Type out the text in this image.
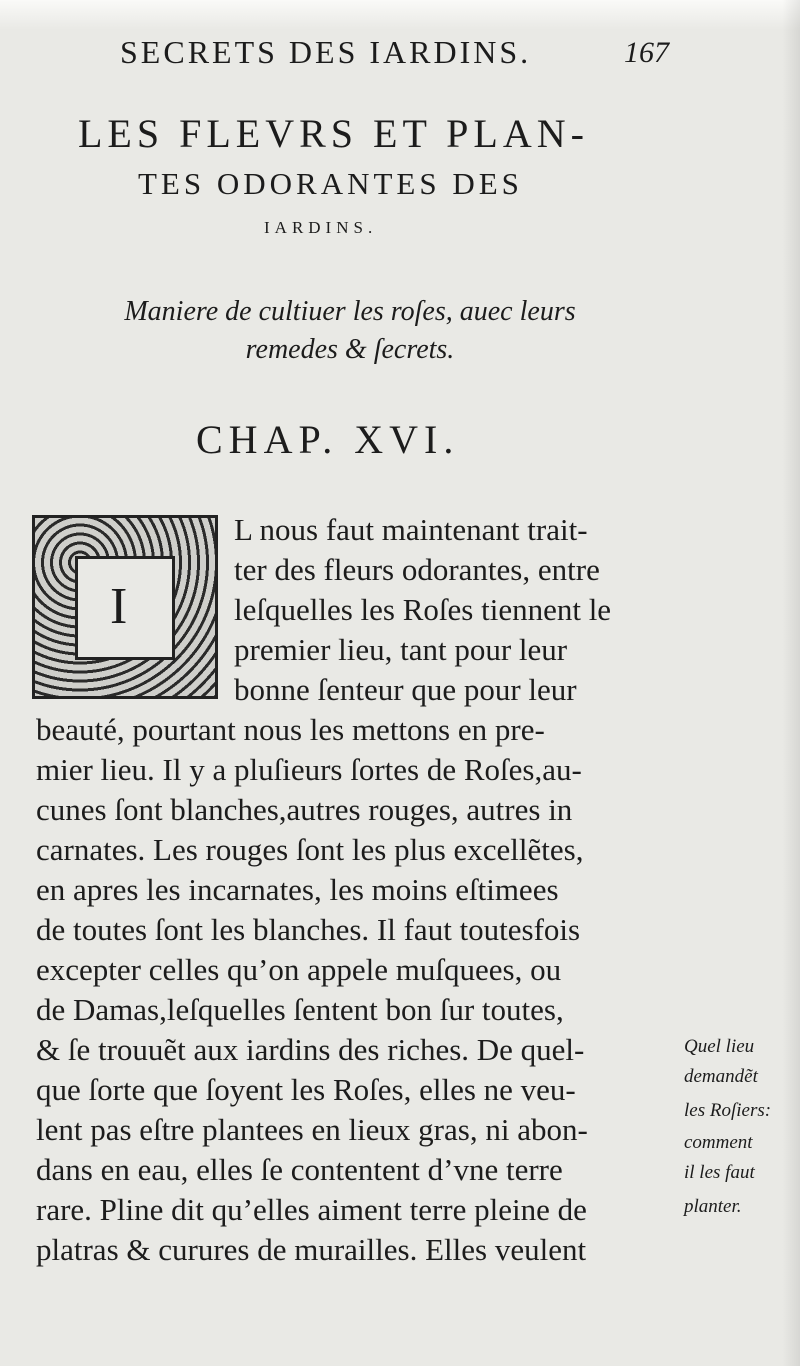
SECRETS DES IARDINS.	167
LES FLEVRS ET PLAN-
TES ODORANTES DES
IARDINS.
Maniere de cultiuer les roſes, auec leurs
remedes & ſecrets.
CHAP. XVI.
I
L nous faut maintenant trait-
ter des fleurs odorantes, entre
leſquelles les Roſes tiennent le
premier lieu, tant pour leur
bonne ſenteur que pour leur
beauté, pourtant nous les mettons en pre-
mier lieu. Il y a pluſieurs ſortes de Roſes,au-
cunes ſont blanches,autres rouges, autres in
carnates. Les rouges ſont les plus excellẽtes,
en apres les incarnates, les moins eſtimees
de toutes ſont les blanches. Il faut toutesfois
excepter celles qu’on appele muſquees, ou
de Damas,leſquelles ſentent bon ſur toutes,
& ſe trouuẽt aux iardins des riches. De quel-
que ſorte que ſoyent les Roſes, elles ne veu-
lent pas eſtre plantees en lieux gras, ni abon-
dans en eau, elles ſe contentent d’vne terre
rare. Pline dit qu’elles aiment terre pleine de
platras & curures de murailles. Elles veulent
Quel lieu
demandẽt
les Roſiers:
comment
il les faut
planter.
